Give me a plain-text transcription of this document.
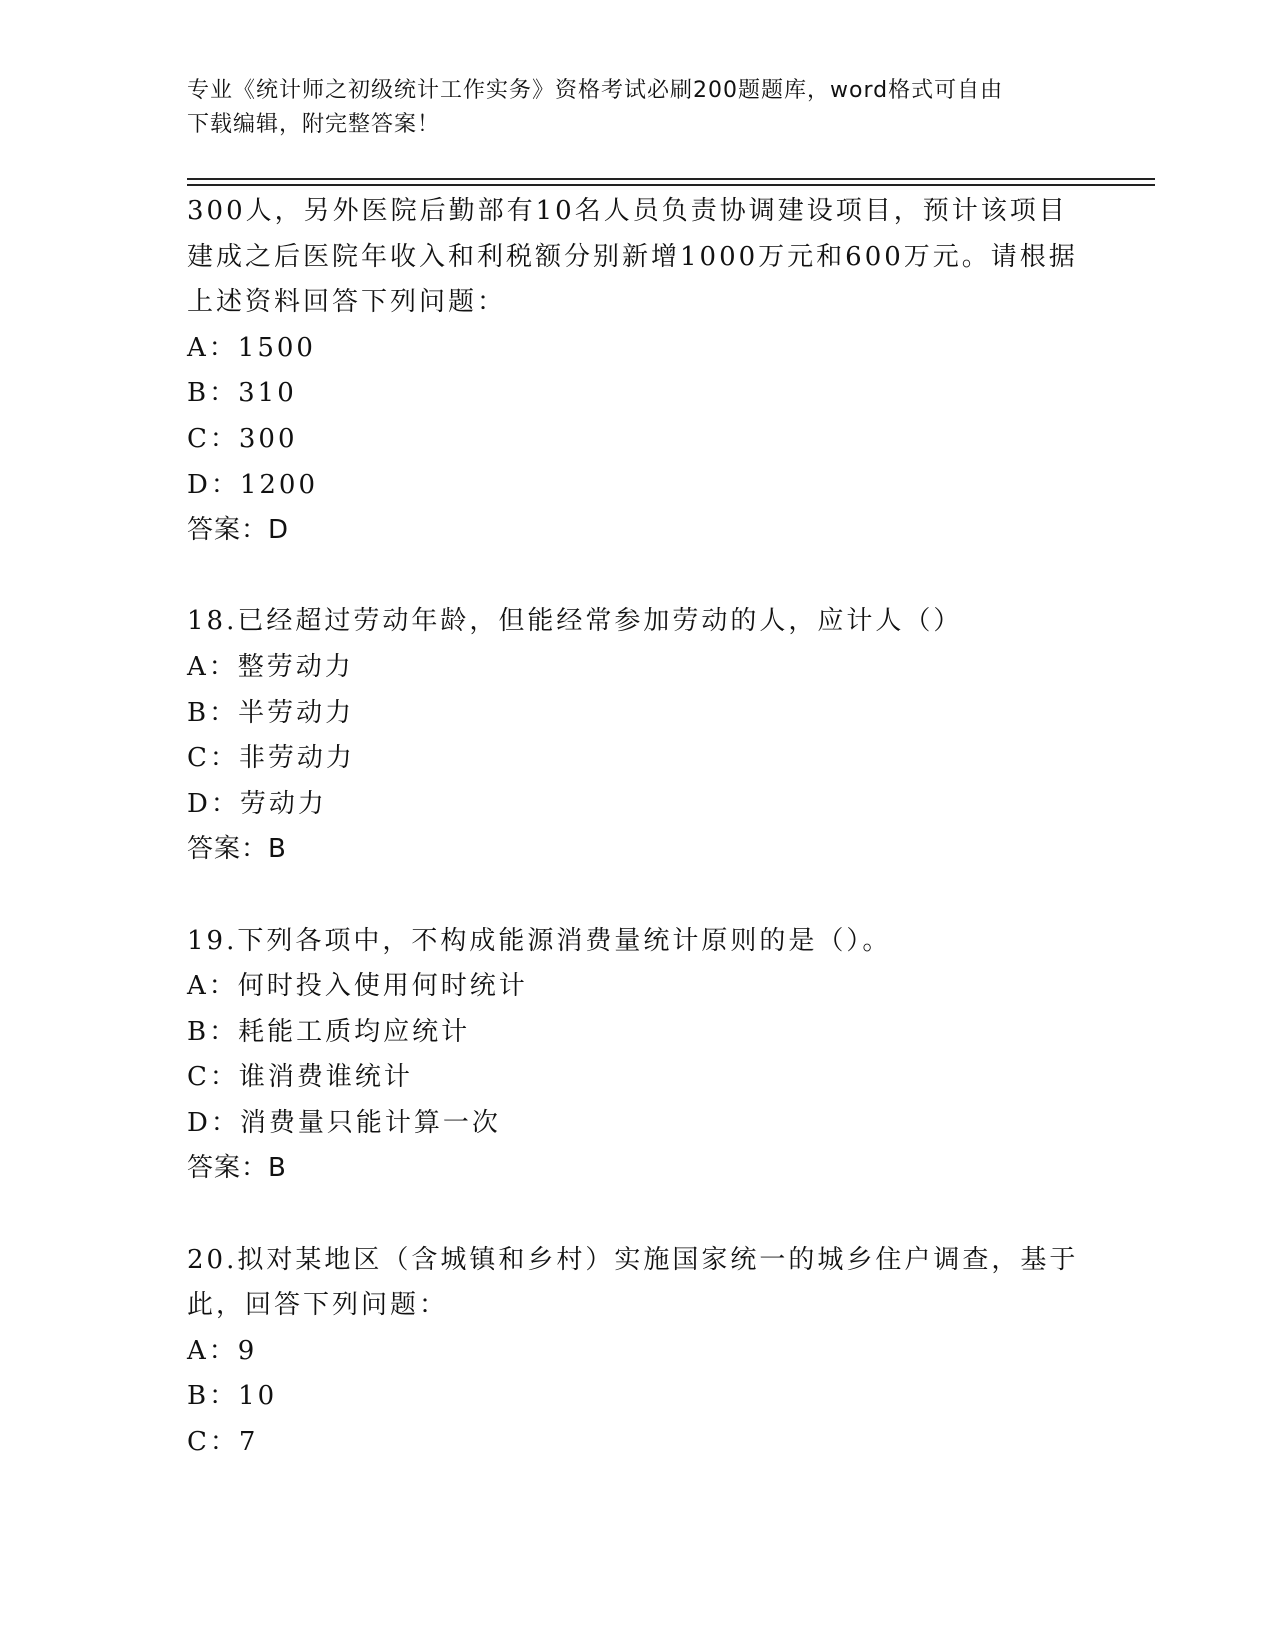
专业《统计师之初级统计工作实务》资格考试必刷200题题库，word格式可自由
下载编辑，附完整答案！
300人，另外医院后勤部有10名人员负责协调建设项目，预计该项目
建成之后医院年收入和利税额分别新增1000万元和600万元。请根据
上述资料回答下列问题：
A：1500
B：310
C：300
D：1200
答案：D
18.已经超过劳动年龄，但能经常参加劳动的人，应计人（）
A：整劳动力
B：半劳动力
C：非劳动力
D：劳动力
答案：B
19.下列各项中，不构成能源消费量统计原则的是（）。
A：何时投入使用何时统计
B：耗能工质均应统计
C：谁消费谁统计
D：消费量只能计算一次
答案：B
20.拟对某地区（含城镇和乡村）实施国家统一的城乡住户调查，基于
此，回答下列问题：
A：9
B：10
C：7
